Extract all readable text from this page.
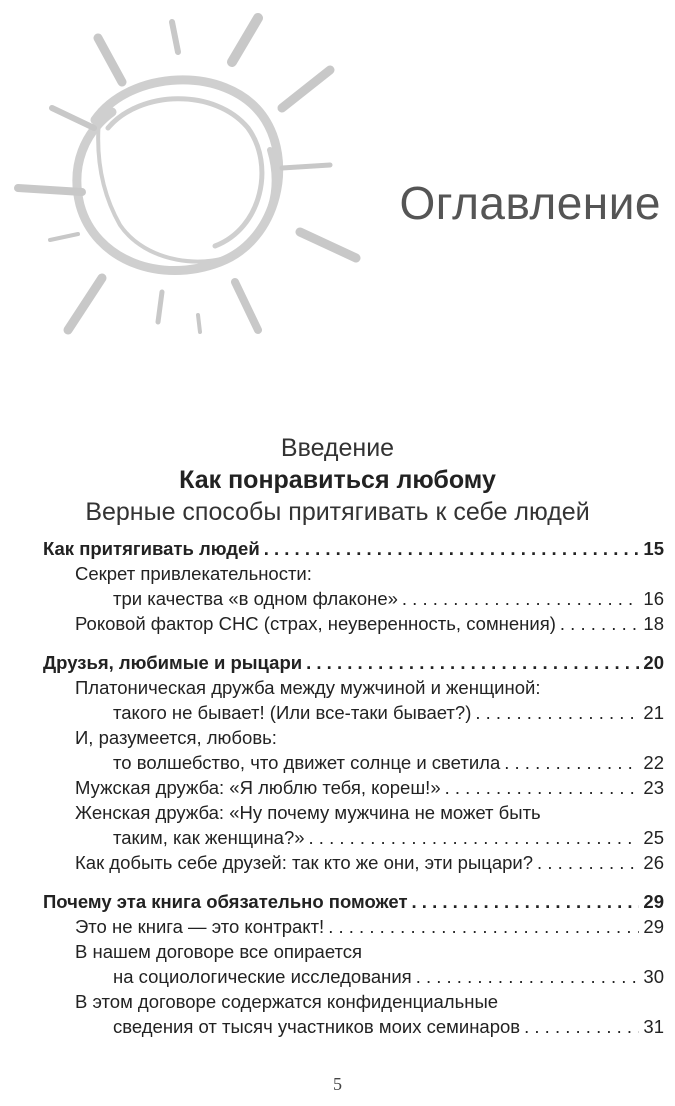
Оглавление
Введение
Как понравиться любому
Верные способы притягивать к себе людей
Как притягивать людей . . .	15
Секрет привлекательности:
три качества «в одном флаконе» . . .	16
Роковой фактор СНС (страх, неуверенность, сомнения) . . .	18
Друзья, любимые и рыцари . . .	20
Платоническая дружба между мужчиной и женщиной:
такого не бывает! (Или все-таки бывает?) . . .	21
И, разумеется, любовь:
то волшебство, что движет солнце и светила . . .	22
Мужская дружба: «Я люблю тебя, кореш!» . . .	23
Женская дружба: «Ну почему мужчина не может быть
таким, как женщина?» . . .	25
Как добыть себе друзей: так кто же они, эти рыцари? . . .	26
Почему эта книга обязательно поможет . . .	29
Это не книга — это контракт! . . .	29
В нашем договоре все опирается
на социологические исследования . . .	30
В этом договоре содержатся конфиденциальные
сведения от тысяч участников моих семинаров . . .	31
5
